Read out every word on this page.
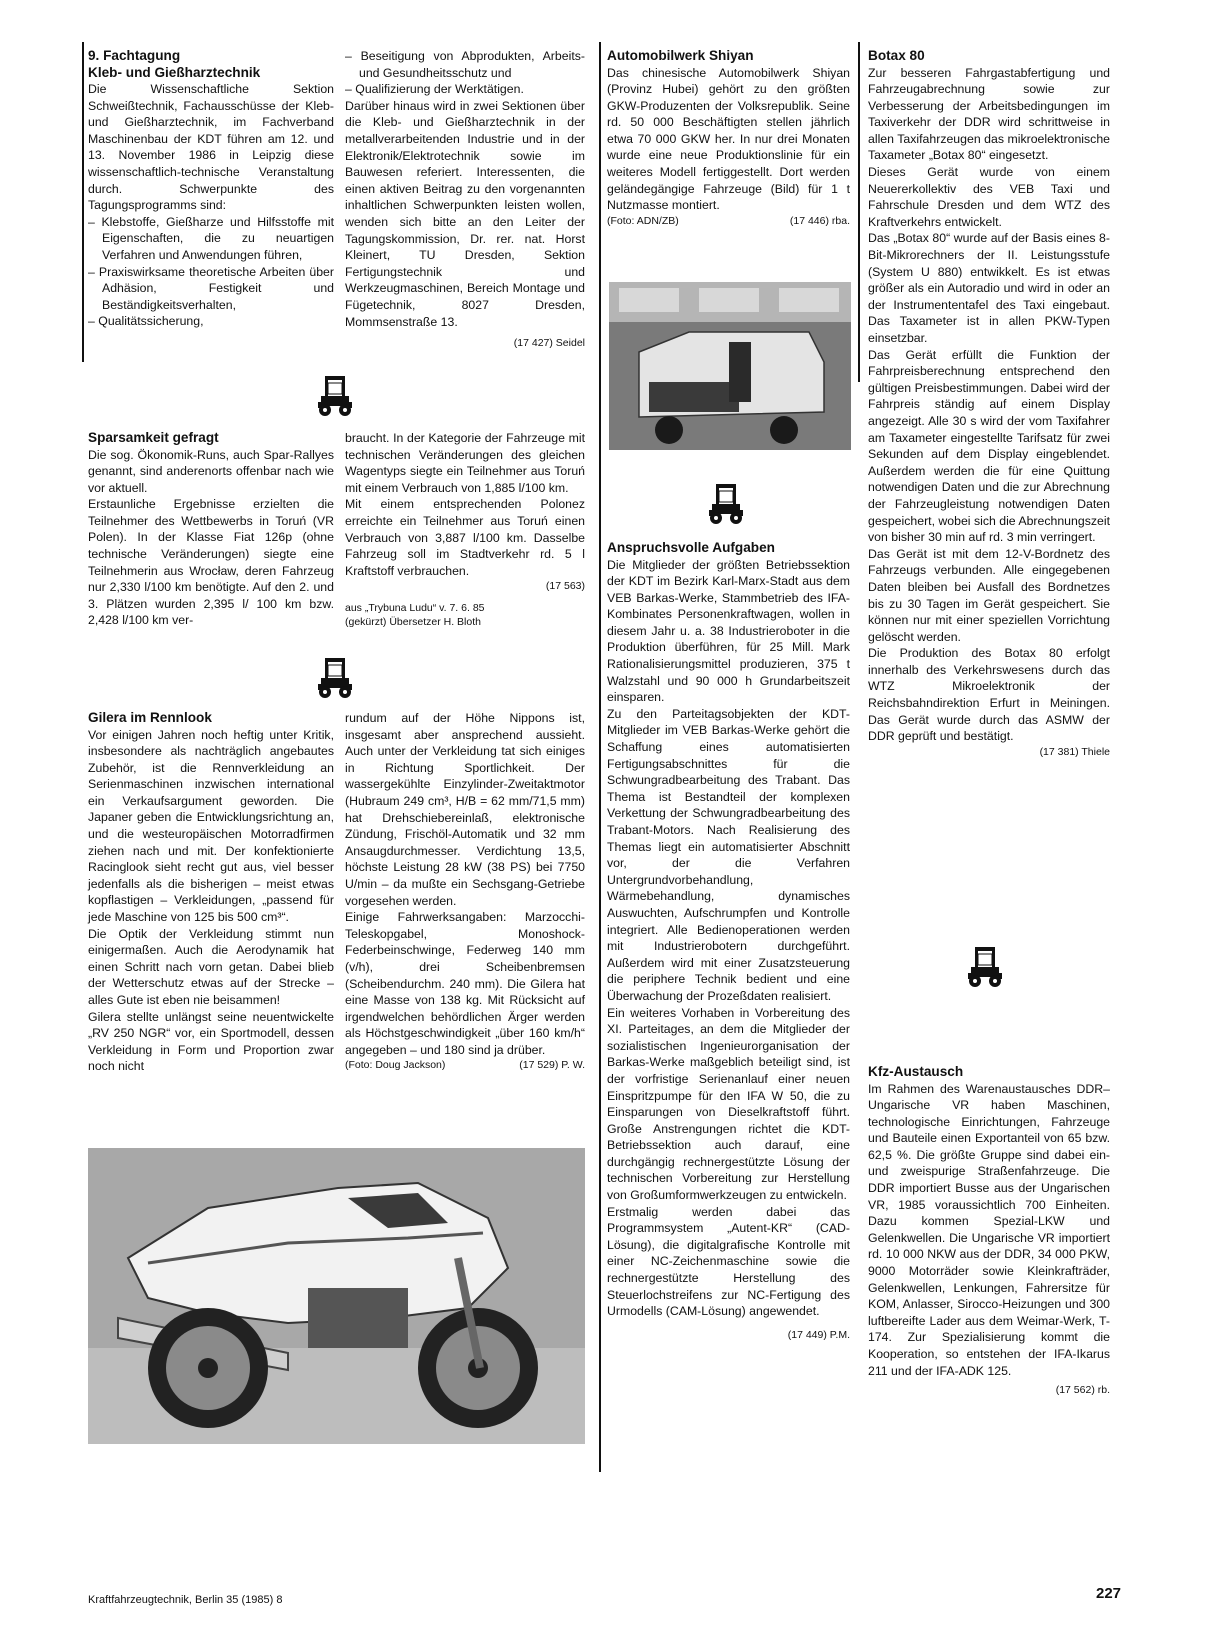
9. Fachtagung
Kleb- und Gießharztechnik

Die Wissenschaftliche Sektion Schweißtechnik, Fachausschüsse der Kleb- und Gießharztechnik, im Fachverband Maschinenbau der KDT führen am 12. und 13. November 1986 in Leipzig diese wissenschaftlich-technische Veranstaltung durch. Schwerpunkte des Tagungsprogramms sind:

– Klebstoffe, Gießharze und Hilfsstoffe mit Eigenschaften, die zu neuartigen Verfahren und Anwendungen führen,
– Praxiswirksame theoretische Arbeiten über Adhäsion, Festigkeit und Beständigkeitsverhalten,
– Qualitätssicherung,
– Beseitigung von Abprodukten, Arbeits- und Gesundheitsschutz und
– Qualifizierung der Werktätigen.

Darüber hinaus wird in zwei Sektionen über die Kleb- und Gießharztechnik in der metallverarbeitenden Industrie und in der Elektronik/Elektrotechnik sowie im Bauwesen referiert. Interessenten, die einen aktiven Beitrag zu den vorgenannten inhaltlichen Schwerpunkten leisten wollen, wenden sich bitte an den Leiter der Tagungskommission, Dr. rer. nat. Horst Kleinert, TU Dresden, Sektion Fertigungstechnik und Werkzeugmaschinen, Bereich Montage und Fügetechnik, 8027 Dresden, Mommsenstraße 13.

(17 427) Seidel
Sparsamkeit gefragt

Die sog. Ökonomik-Runs, auch Spar-Rallyes genannt, sind anderenorts offenbar nach wie vor aktuell.

Erstaunliche Ergebnisse erzielten die Teilnehmer des Wettbewerbs in Toruń (VR Polen). In der Klasse Fiat 126p (ohne technische Veränderungen) siegte eine Teilnehmerin aus Wrocław, deren Fahrzeug nur 2,330 l/100 km benötigte. Auf den 2. und 3. Plätzen wurden 2,395 l/ 100 km bzw. 2,428 l/100 km ver-

braucht. In der Kategorie der Fahrzeuge mit technischen Veränderungen des gleichen Wagentyps siegte ein Teilnehmer aus Toruń mit einem Verbrauch von 1,885 l/100 km.

Mit einem entsprechenden Polonez erreichte ein Teilnehmer aus Toruń einen Verbrauch von 3,887 l/100 km. Dasselbe Fahrzeug soll im Stadtverkehr rd. 5 l Kraftstoff verbrauchen.

(17 563)
aus „Trybuna Ludu“ v. 7. 6. 85
(gekürzt) Übersetzer H. Bloth
Gilera im Rennlook

Vor einigen Jahren noch heftig unter Kritik, insbesondere als nachträglich angebautes Zubehör, ist die Rennverkleidung an Serienmaschinen inzwischen international ein Verkaufsargument geworden. Die Japaner geben die Entwicklungsrichtung an, und die westeuropäischen Motorradfirmen ziehen nach und mit. Der konfektionierte Racinglook sieht recht gut aus, viel besser jedenfalls als die bisherigen – meist etwas kopflastigen – Verkleidungen, „passend für jede Maschine von 125 bis 500 cm³“.

Die Optik der Verkleidung stimmt nun einigermaßen. Auch die Aerodynamik hat einen Schritt nach vorn getan. Dabei blieb der Wetterschutz etwas auf der Strecke – alles Gute ist eben nie beisammen!

Gilera stellte unlängst seine neuentwickelte „RV 250 NGR“ vor, ein Sportmodell, dessen Verkleidung in Form und Proportion zwar noch nicht

rundum auf der Höhe Nippons ist, insgesamt aber ansprechend aussieht. Auch unter der Verkleidung tat sich einiges in Richtung Sportlichkeit. Der wassergekühlte Einzylinder-Zweitaktmotor (Hubraum 249 cm³, H/B = 62 mm/71,5 mm) hat Drehschiebereinlaß, elektronische Zündung, Frischöl-Automatik und 32 mm Ansaugdurchmesser. Verdichtung 13,5, höchste Leistung 28 kW (38 PS) bei 7750 U/min – da mußte ein Sechsgang-Getriebe vorgesehen werden.

Einige Fahrwerksangaben: Marzocchi-Teleskopgabel, Monoshock-Federbeinschwinge, Federweg 140 mm (v/h), drei Scheibenbremsen (Scheibendurchm. 240 mm). Die Gilera hat eine Masse von 138 kg. Mit Rücksicht auf irgendwelchen behördlichen Ärger werden als Höchstgeschwindigkeit „über 160 km/h“ angegeben – und 180 sind ja drüber.

(Foto: Doug Jackson)	(17 529) P. W.
Automobilwerk Shiyan

Das chinesische Automobilwerk Shiyan (Provinz Hubei) gehört zu den größten GKW-Produzenten der Volksrepublik. Seine rd. 50 000 Beschäftigten stellen jährlich etwa 70 000 GKW her. In nur drei Monaten wurde eine neue Produktionslinie für ein weiteres Modell fertiggestellt. Dort werden geländegängige Fahrzeuge (Bild) für 1 t Nutzmasse montiert.

(Foto: ADN/ZB)	(17 446) rba.
Anspruchsvolle Aufgaben

Die Mitglieder der größten Betriebssektion der KDT im Bezirk Karl-Marx-Stadt aus dem VEB Barkas-Werke, Stammbetrieb des IFA-Kombinates Personenkraftwagen, wollen in diesem Jahr u. a. 38 Industrieroboter in die Produktion überführen, für 25 Mill. Mark Rationalisierungsmittel produzieren, 375 t Walzstahl und 90 000 h Grundarbeitszeit einsparen.

Zu den Parteitagsobjekten der KDT-Mitglieder im VEB Barkas-Werke gehört die Schaffung eines automatisierten Fertigungsabschnittes für die Schwungradbearbeitung des Trabant. Das Thema ist Bestandteil der komplexen Verkettung der Schwungradbearbeitung des Trabant-Motors. Nach Realisierung des Themas liegt ein automatisierter Abschnitt vor, der die Verfahren Untergrundvorbehandlung, Wärmebehandlung, dynamisches Auswuchten, Aufschrumpfen und Kontrolle integriert. Alle Bedienoperationen werden mit Industrierobotern durchgeführt. Außerdem wird mit einer Zusatzsteuerung die periphere Technik bedient und eine Überwachung der Prozeßdaten realisiert.

Ein weiteres Vorhaben in Vorbereitung des XI. Parteitages, an dem die Mitglieder der sozialistischen Ingenieurorganisation der Barkas-Werke maßgeblich beteiligt sind, ist der vorfristige Serienanlauf einer neuen Einspritzpumpe für den IFA W 50, die zu Einsparungen von Dieselkraftstoff führt. Große Anstrengungen richtet die KDT-Betriebssektion auch darauf, eine durchgängig rechnergestützte Lösung der technischen Vorbereitung zur Herstellung von Großumformwerkzeugen zu entwickeln.

Erstmalig werden dabei das Programmsystem „Autent-KR“ (CAD-Lösung), die digitalgrafische Kontrolle mit einer NC-Zeichenmaschine sowie die rechnergestützte Herstellung des Steuerlochstreifens zur NC-Fertigung des Urmodells (CAM-Lösung) angewendet.

(17 449) P.M.
Botax 80

Zur besseren Fahrgastabfertigung und Fahrzeugabrechnung sowie zur Verbesserung der Arbeitsbedingungen im Taxiverkehr der DDR wird schrittweise in allen Taxifahrzeugen das mikroelektronische Taxameter „Botax 80“ eingesetzt.

Dieses Gerät wurde von einem Neuererkollektiv des VEB Taxi und Fahrschule Dresden und dem WTZ des Kraftverkehrs entwickelt.

Das „Botax 80“ wurde auf der Basis eines 8-Bit-Mikrorechners der II. Leistungsstufe (System U 880) entwikkelt. Es ist etwas größer als ein Autoradio und wird in oder an der Instrumententafel des Taxi eingebaut. Das Taxameter ist in allen PKW-Typen einsetzbar.

Das Gerät erfüllt die Funktion der Fahrpreisberechnung entsprechend den gültigen Preisbestimmungen. Dabei wird der Fahrpreis ständig auf einem Display angezeigt. Alle 30 s wird der vom Taxifahrer am Taxameter eingestellte Tarifsatz für zwei Sekunden auf dem Display eingeblendet. Außerdem werden die für eine Quittung notwendigen Daten und die zur Abrechnung der Fahrzeugleistung notwendigen Daten gespeichert, wobei sich die Abrechnungszeit von bisher 30 min auf rd. 3 min verringert.

Das Gerät ist mit dem 12-V-Bordnetz des Fahrzeugs verbunden. Alle eingegebenen Daten bleiben bei Ausfall des Bordnetzes bis zu 30 Tagen im Gerät gespeichert. Sie können nur mit einer speziellen Vorrichtung gelöscht werden.

Die Produktion des Botax 80 erfolgt innerhalb des Verkehrswesens durch das WTZ Mikroelektronik der Reichsbahndirektion Erfurt in Meiningen. Das Gerät wurde durch das ASMW der DDR geprüft und bestätigt.

(17 381) Thiele
Kfz-Austausch

Im Rahmen des Warenaustausches DDR–Ungarische VR haben Maschinen, technologische Einrichtungen, Fahrzeuge und Bauteile einen Exportanteil von 65 bzw. 62,5 %. Die größte Gruppe sind dabei ein- und zweispurige Straßenfahrzeuge. Die DDR importiert Busse aus der Ungarischen VR, 1985 voraussichtlich 700 Einheiten. Dazu kommen Spezial-LKW und Gelenkwellen. Die Ungarische VR importiert rd. 10 000 NKW aus der DDR, 34 000 PKW, 9000 Motorräder sowie Kleinkrafträder, Gelenkwellen, Lenkungen, Fahrersitze für KOM, Anlasser, Sirocco-Heizungen und 300 luftbereifte Lader aus dem Weimar-Werk, T-174. Zur Spezialisierung kommt die Kooperation, so entstehen der IFA-Ikarus 211 und der IFA-ADK 125.

(17 562) rb.
Kraftfahrzeugtechnik, Berlin 35 (1985) 8	227
